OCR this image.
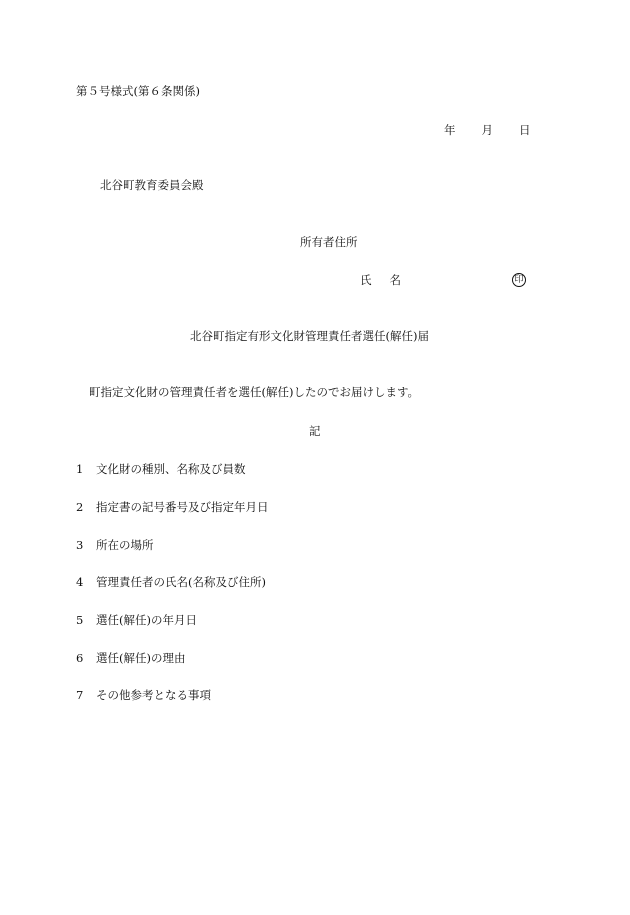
第５号様式(第６条関係)
年 月 日
北谷町教育委員会殿
所有者住所
氏 名	印
北谷町指定有形文化財管理責任者選任(解任)届
町指定文化財の管理責任者を選任(解任)したのでお届けします。
記
1 文化財の種別、名称及び員数
2 指定書の記号番号及び指定年月日
3 所在の場所
4 管理責任者の氏名(名称及び住所)
5 選任(解任)の年月日
6 選任(解任)の理由
7 その他参考となる事項
